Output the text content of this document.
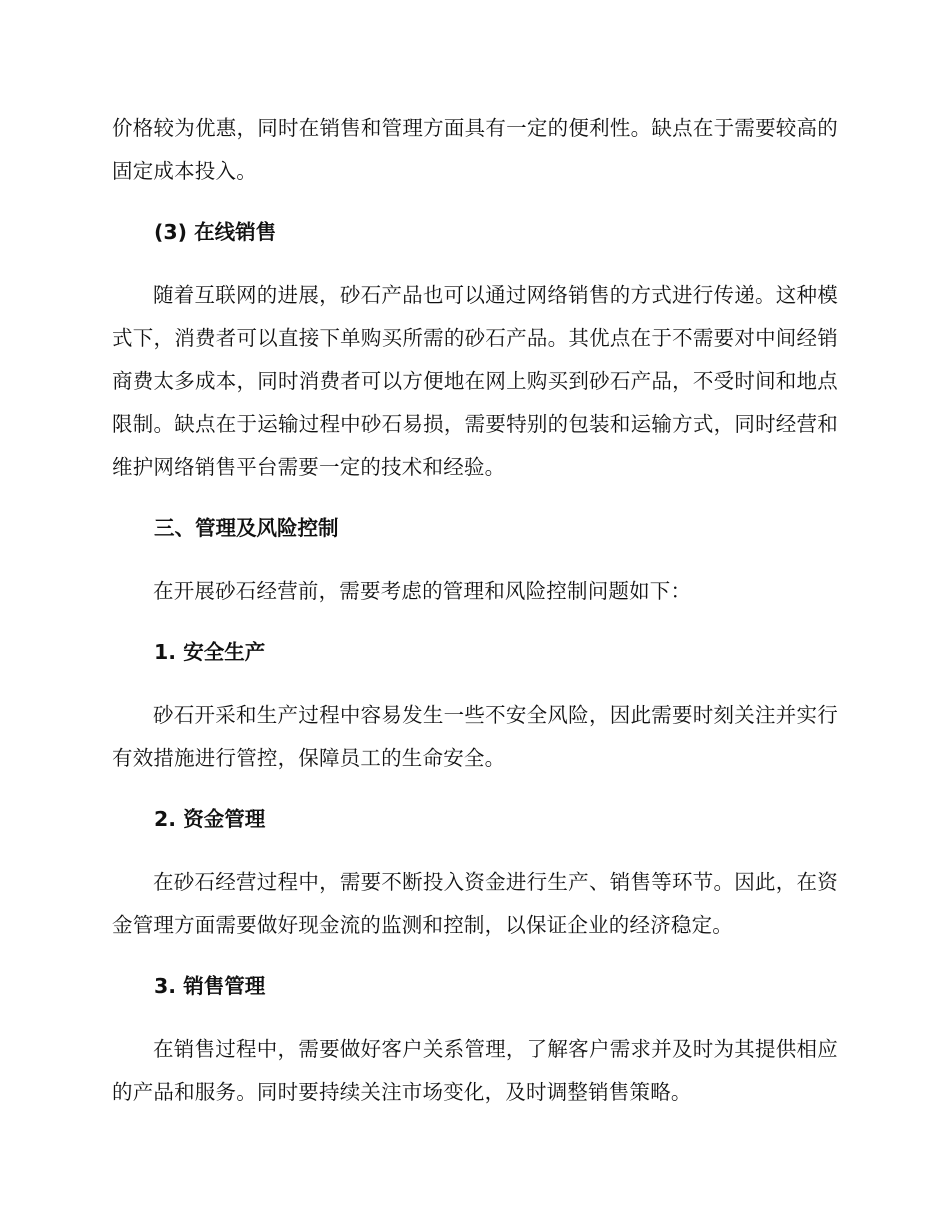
价格较为优惠，同时在销售和管理方面具有一定的便利性。缺点在于需要较高的固定成本投入。

(3) 在线销售

随着互联网的进展，砂石产品也可以通过网络销售的方式进行传递。这种模式下，消费者可以直接下单购买所需的砂石产品。其优点在于不需要对中间经销商费太多成本，同时消费者可以方便地在网上购买到砂石产品，不受时间和地点限制。缺点在于运输过程中砂石易损，需要特别的包装和运输方式，同时经营和维护网络销售平台需要一定的技术和经验。

三、管理及风险控制

在开展砂石经营前，需要考虑的管理和风险控制问题如下：

1. 安全生产

砂石开采和生产过程中容易发生一些不安全风险，因此需要时刻关注并实行有效措施进行管控，保障员工的生命安全。

2. 资金管理

在砂石经营过程中，需要不断投入资金进行生产、销售等环节。因此，在资金管理方面需要做好现金流的监测和控制，以保证企业的经济稳定。

3. 销售管理

在销售过程中，需要做好客户关系管理，了解客户需求并及时为其提供相应的产品和服务。同时要持续关注市场变化，及时调整销售策略。
